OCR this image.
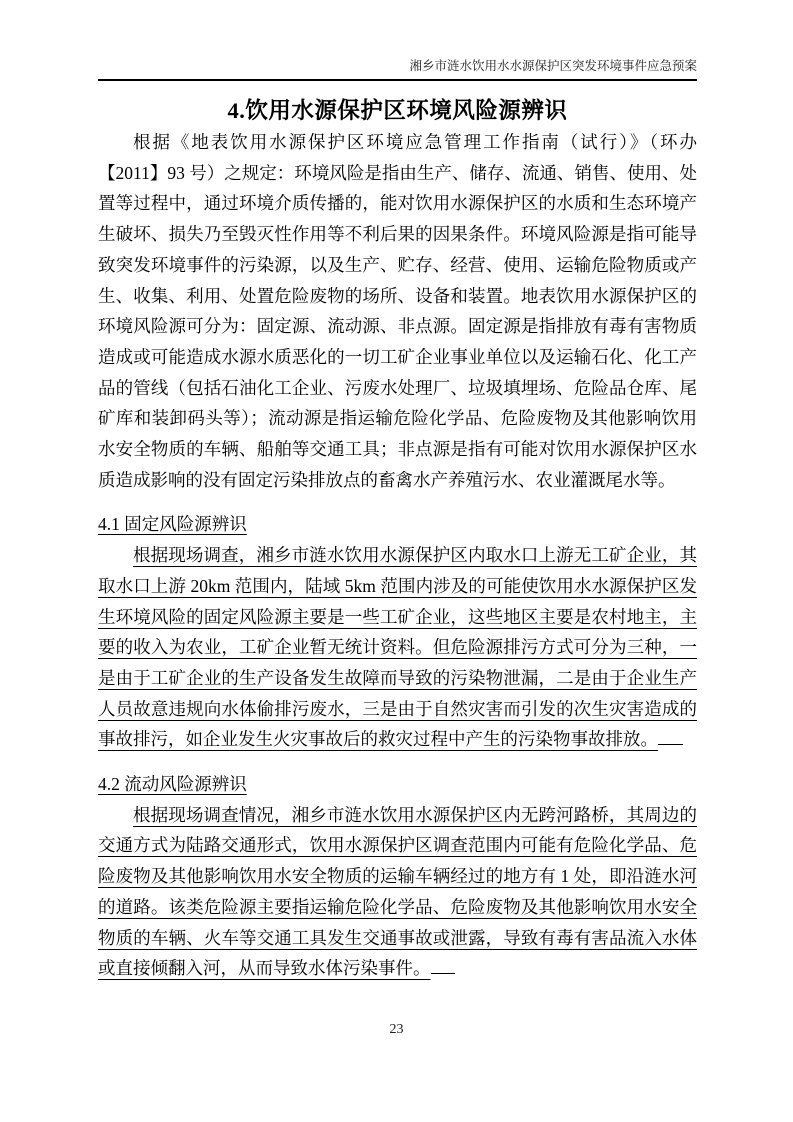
湘乡市涟水饮用水水源保护区突发环境事件应急预案
4.饮用水源保护区环境风险源辨识

根据《地表饮用水源保护区环境应急管理工作指南（试行）》（环办【2011】93 号）之规定：环境风险是指由生产、储存、流通、销售、使用、处置等过程中，通过环境介质传播的，能对饮用水源保护区的水质和生态环境产生破坏、损失乃至毁灭性作用等不利后果的因果条件。环境风险源是指可能导致突发环境事件的污染源，以及生产、贮存、经营、使用、运输危险物质或产生、收集、利用、处置危险废物的场所、设备和装置。地表饮用水源保护区的环境风险源可分为：固定源、流动源、非点源。固定源是指排放有毒有害物质造成或可能造成水源水质恶化的一切工矿企业事业单位以及运输石化、化工产品的管线（包括石油化工企业、污废水处理厂、垃圾填埋场、危险品仓库、尾矿库和装卸码头等）；流动源是指运输危险化学品、危险废物及其他影响饮用水安全物质的车辆、船舶等交通工具；非点源是指有可能对饮用水源保护区水质造成影响的没有固定污染排放点的畜禽水产养殖污水、农业灌溉尾水等。

4.1 固定风险源辨识

根据现场调查，湘乡市涟水饮用水源保护区内取水口上游无工矿企业，其取水口上游 20km 范围内，陆域 5km 范围内涉及的可能使饮用水水源保护区发生环境风险的固定风险源主要是一些工矿企业，这些地区主要是农村地主，主要的收入为农业，工矿企业暂无统计资料。但危险源排污方式可分为三种，一是由于工矿企业的生产设备发生故障而导致的污染物泄漏，二是由于企业生产人员故意违规向水体偷排污废水，三是由于自然灾害而引发的次生灾害造成的事故排污，如企业发生火灾事故后的救灾过程中产生的污染物事故排放。

4.2 流动风险源辨识

根据现场调查情况，湘乡市涟水饮用水源保护区内无跨河路桥，其周边的交通方式为陆路交通形式，饮用水源保护区调查范围内可能有危险化学品、危险废物及其他影响饮用水安全物质的运输车辆经过的地方有 1 处，即沿涟水河的道路。该类危险源主要指运输危险化学品、危险废物及其他影响饮用水安全物质的车辆、火车等交通工具发生交通事故或泄露，导致有毒有害品流入水体或直接倾翻入河，从而导致水体污染事件。

23
